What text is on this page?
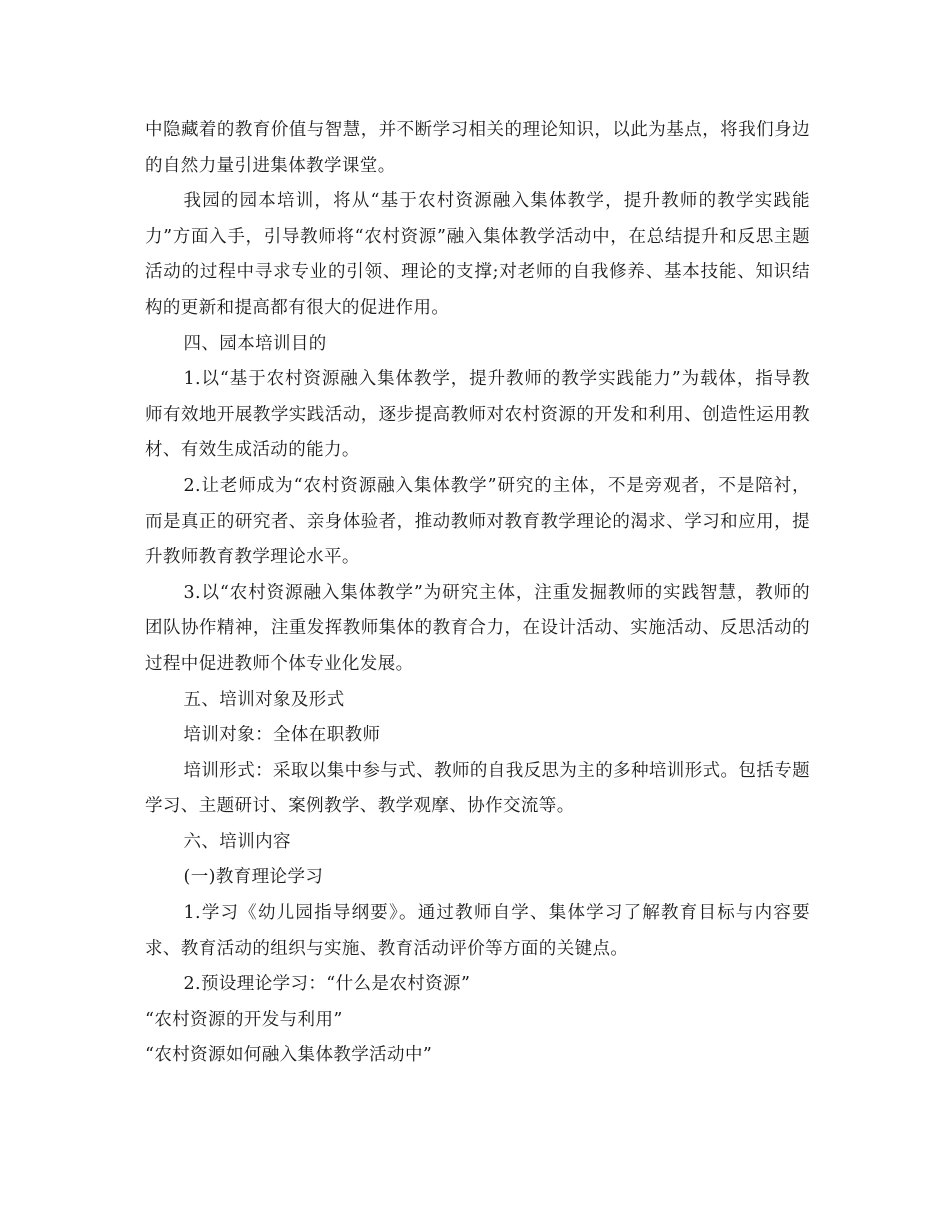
中隐藏着的教育价值与智慧，并不断学习相关的理论知识，以此为基点，将我们身边的自然力量引进集体教学课堂。

我园的园本培训，将从“基于农村资源融入集体教学，提升教师的教学实践能力”方面入手，引导教师将“农村资源”融入集体教学活动中，在总结提升和反思主题活动的过程中寻求专业的引领、理论的支撑;对老师的自我修养、基本技能、知识结构的更新和提高都有很大的促进作用。

四、园本培训目的

1.以“基于农村资源融入集体教学，提升教师的教学实践能力”为载体，指导教师有效地开展教学实践活动，逐步提高教师对农村资源的开发和利用、创造性运用教材、有效生成活动的能力。

2.让老师成为“农村资源融入集体教学”研究的主体，不是旁观者，不是陪衬，而是真正的研究者、亲身体验者，推动教师对教育教学理论的渴求、学习和应用，提升教师教育教学理论水平。

3.以“农村资源融入集体教学”为研究主体，注重发掘教师的实践智慧，教师的团队协作精神，注重发挥教师集体的教育合力，在设计活动、实施活动、反思活动的过程中促进教师个体专业化发展。

五、培训对象及形式

培训对象：全体在职教师

培训形式：采取以集中参与式、教师的自我反思为主的多种培训形式。包括专题学习、主题研讨、案例教学、教学观摩、协作交流等。

六、培训内容

(一)教育理论学习

1.学习《幼儿园指导纲要》。通过教师自学、集体学习了解教育目标与内容要求、教育活动的组织与实施、教育活动评价等方面的关键点。

2.预设理论学习：“什么是农村资源”

“农村资源的开发与利用”

“农村资源如何融入集体教学活动中”
